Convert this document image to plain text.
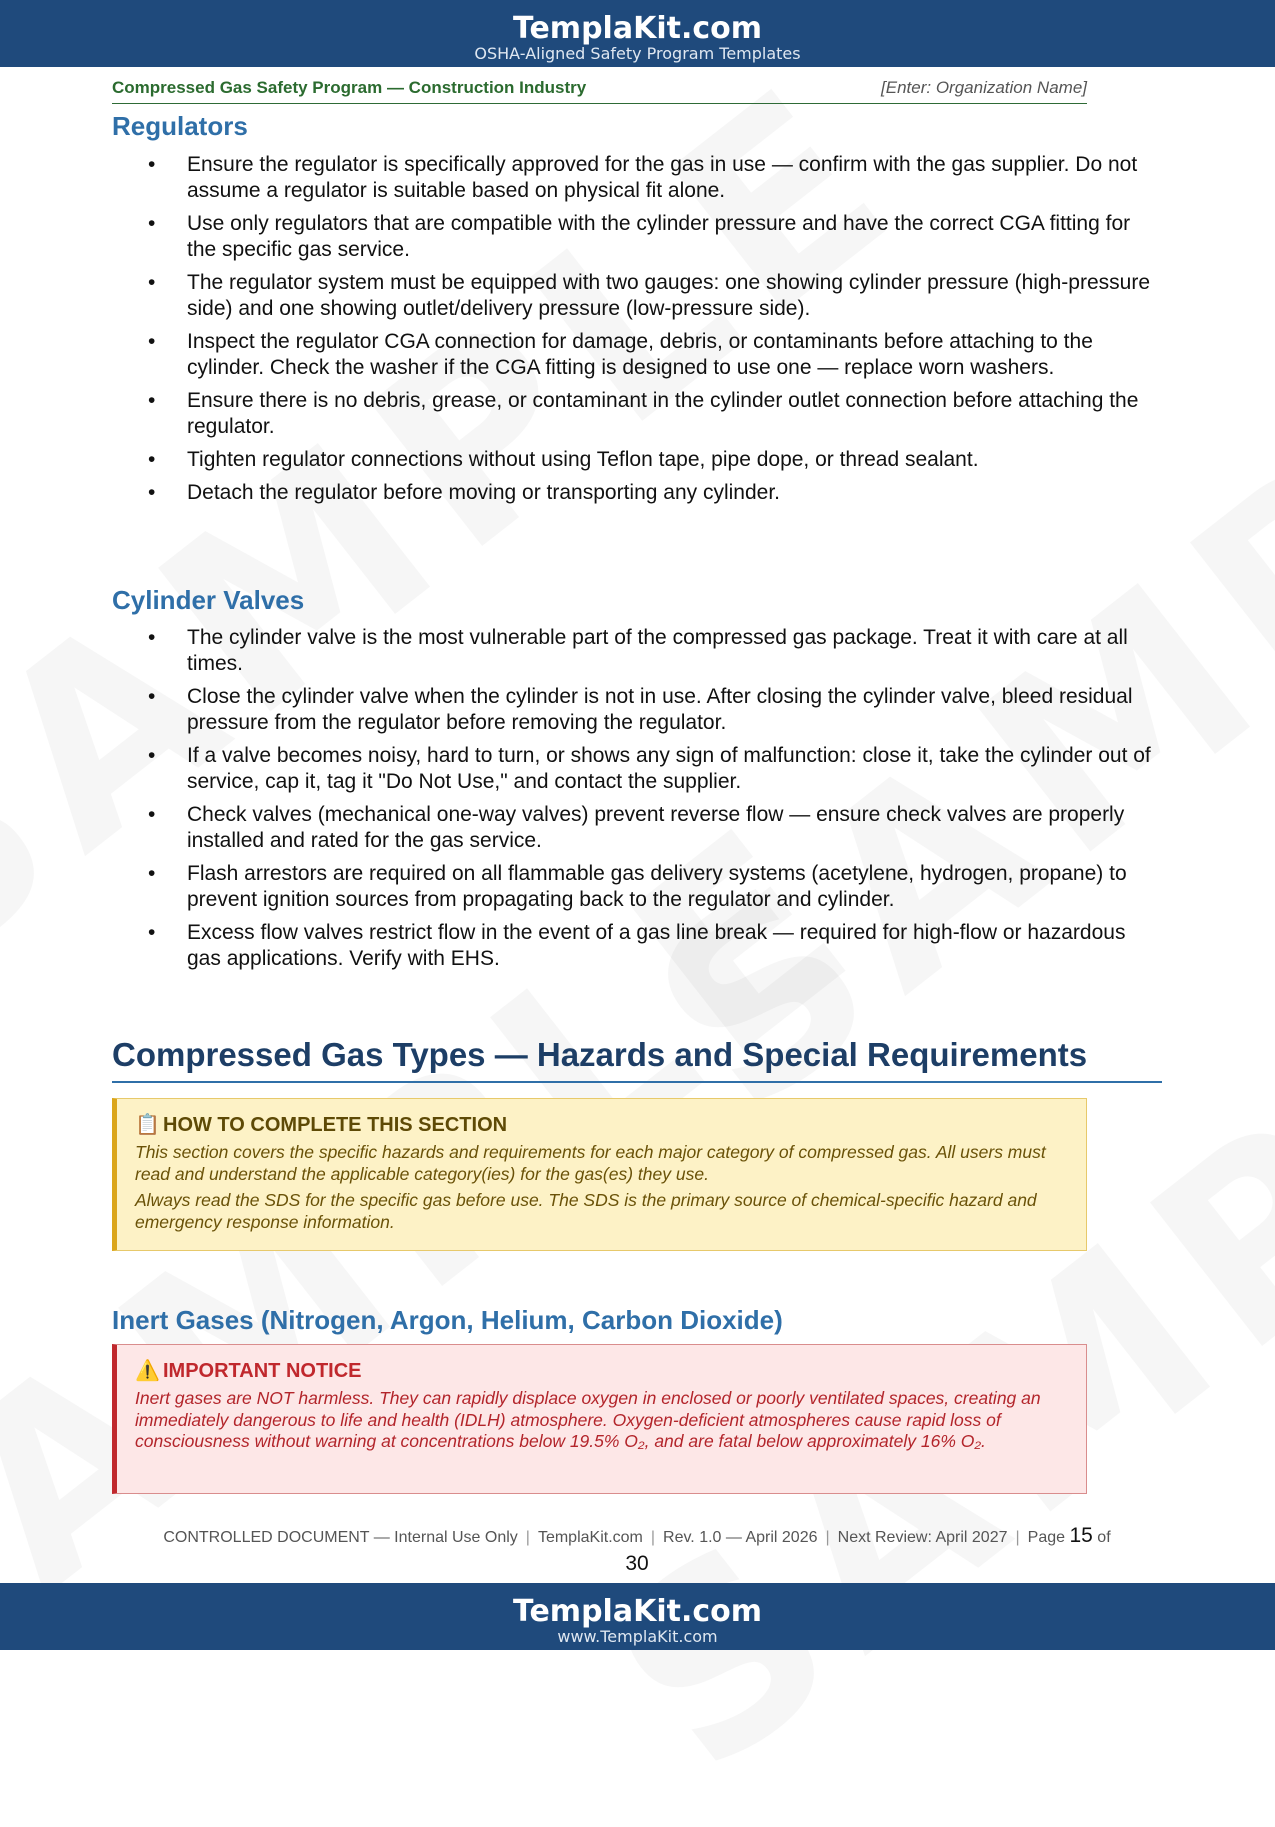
TemplaKit.com
OSHA-Aligned Safety Program Templates
Compressed Gas Safety Program — Construction Industry	[Enter: Organization Name]
Regulators
• Ensure the regulator is specifically approved for the gas in use — confirm with the gas supplier. Do not assume a regulator is suitable based on physical fit alone.
• Use only regulators that are compatible with the cylinder pressure and have the correct CGA fitting for the specific gas service.
• The regulator system must be equipped with two gauges: one showing cylinder pressure (high-pressure side) and one showing outlet/delivery pressure (low-pressure side).
• Inspect the regulator CGA connection for damage, debris, or contaminants before attaching to the cylinder. Check the washer if the CGA fitting is designed to use one — replace worn washers.
• Ensure there is no debris, grease, or contaminant in the cylinder outlet connection before attaching the regulator.
• Tighten regulator connections without using Teflon tape, pipe dope, or thread sealant.
• Detach the regulator before moving or transporting any cylinder.
Cylinder Valves
• The cylinder valve is the most vulnerable part of the compressed gas package. Treat it with care at all times.
• Close the cylinder valve when the cylinder is not in use. After closing the cylinder valve, bleed residual pressure from the regulator before removing the regulator.
• If a valve becomes noisy, hard to turn, or shows any sign of malfunction: close it, take the cylinder out of service, cap it, tag it "Do Not Use," and contact the supplier.
• Check valves (mechanical one-way valves) prevent reverse flow — ensure check valves are properly installed and rated for the gas service.
• Flash arrestors are required on all flammable gas delivery systems (acetylene, hydrogen, propane) to prevent ignition sources from propagating back to the regulator and cylinder.
• Excess flow valves restrict flow in the event of a gas line break — required for high-flow or hazardous gas applications. Verify with EHS.
Compressed Gas Types — Hazards and Special Requirements
📋 HOW TO COMPLETE THIS SECTION

This section covers the specific hazards and requirements for each major category of compressed gas. All users must read and understand the applicable category(ies) for the gas(es) they use.

Always read the SDS for the specific gas before use. The SDS is the primary source of chemical-specific hazard and emergency response information.

Inert Gases (Nitrogen, Argon, Helium, Carbon Dioxide)
⚠️ IMPORTANT NOTICE

Inert gases are NOT harmless. They can rapidly displace oxygen in enclosed or poorly ventilated spaces, creating an immediately dangerous to life and health (IDLH) atmosphere. Oxygen-deficient atmospheres cause rapid loss of consciousness without warning at concentrations below 19.5% O₂, and are fatal below approximately 16% O₂.

CONTROLLED DOCUMENT — Internal Use Only | TemplaKit.com | Rev. 1.0 — April 2026 | Next Review: April 2027 | Page 15 of
30
TemplaKit.com
www.TemplaKit.com
